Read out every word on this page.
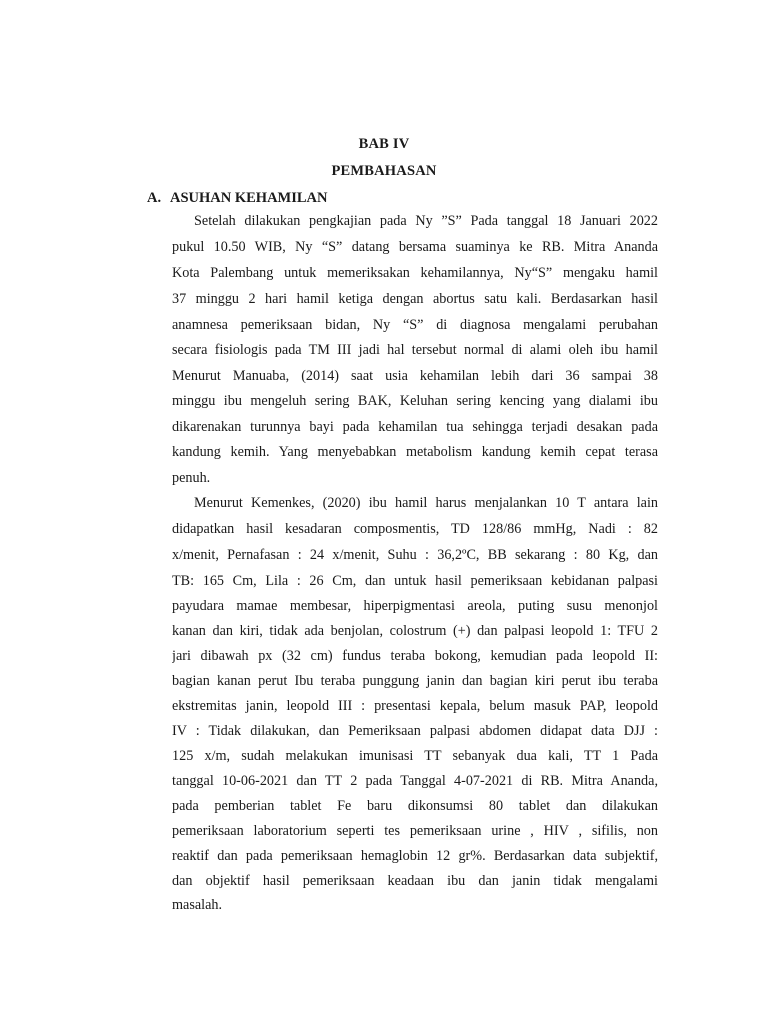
BAB IV
PEMBAHASAN
A. ASUHAN KEHAMILAN
Setelah dilakukan pengkajian pada Ny ”S” Pada tanggal 18 Januari 2022
pukul 10.50 WIB, Ny “S” datang bersama suaminya ke RB. Mitra Ananda
Kota Palembang untuk memeriksakan kehamilannya, Ny“S” mengaku hamil
37 minggu 2 hari hamil ketiga dengan abortus satu kali. Berdasarkan hasil
anamnesa pemeriksaan bidan, Ny “S” di diagnosa mengalami perubahan
secara fisiologis pada TM III jadi hal tersebut normal di alami oleh ibu hamil
Menurut Manuaba, (2014) saat usia kehamilan lebih dari 36 sampai 38
minggu ibu mengeluh sering BAK, Keluhan sering kencing yang dialami ibu
dikarenakan turunnya bayi pada kehamilan tua sehingga terjadi desakan pada
kandung kemih. Yang menyebabkan metabolism kandung kemih cepat terasa
penuh.
Menurut Kemenkes, (2020) ibu hamil harus menjalankan 10 T antara lain
didapatkan hasil kesadaran composmentis, TD 128/86 mmHg, Nadi : 82
x/menit, Pernafasan : 24 x/menit, Suhu : 36,2ºC, BB sekarang : 80 Kg, dan
TB: 165 Cm, Lila : 26 Cm, dan untuk hasil pemeriksaan kebidanan palpasi
payudara mamae membesar, hiperpigmentasi areola, puting susu menonjol
kanan dan kiri, tidak ada benjolan, colostrum (+) dan palpasi leopold 1: TFU 2
jari dibawah px (32 cm) fundus teraba bokong, kemudian pada leopold II:
bagian kanan perut Ibu teraba punggung janin dan bagian kiri perut ibu teraba
ekstremitas janin, leopold III : presentasi kepala, belum masuk PAP, leopold
IV : Tidak dilakukan, dan Pemeriksaan palpasi abdomen didapat data DJJ :
125 x/m, sudah melakukan imunisasi TT sebanyak dua kali, TT 1 Pada
tanggal 10-06-2021 dan TT 2 pada Tanggal 4-07-2021 di RB. Mitra Ananda,
pada pemberian tablet Fe baru dikonsumsi 80 tablet dan dilakukan
pemeriksaan laboratorium seperti tes pemeriksaan urine , HIV , sifilis, non
reaktif dan pada pemeriksaan hemaglobin 12 gr%. Berdasarkan data subjektif,
dan objektif hasil pemeriksaan keadaan ibu dan janin tidak mengalami
masalah.
